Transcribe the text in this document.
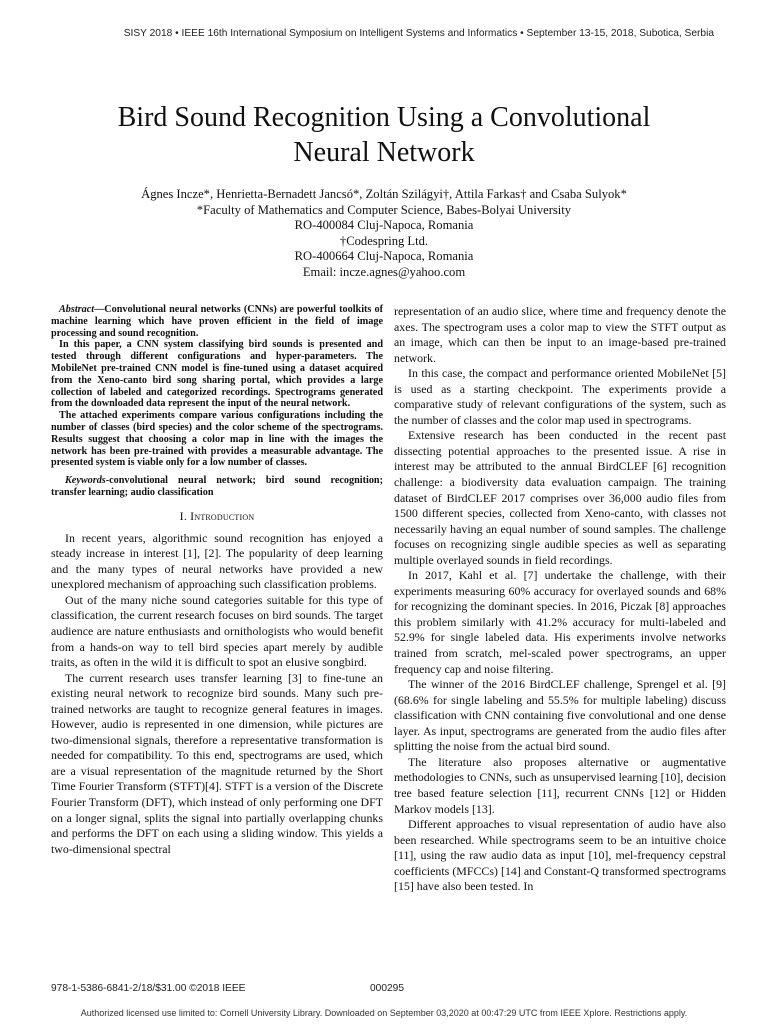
SISY 2018 • IEEE 16th International Symposium on Intelligent Systems and Informatics • September 13-15, 2018, Subotica, Serbia
Bird Sound Recognition Using a Convolutional
Neural Network

Ágnes Incze*, Henrietta-Bernadett Jancsó*, Zoltán Szilágyi†, Attila Farkas† and Csaba Sulyok*

*Faculty of Mathematics and Computer Science, Babes-Bolyai University

RO-400084 Cluj-Napoca, Romania

†Codespring Ltd.

RO-400664 Cluj-Napoca, Romania

Email: incze.agnes@yahoo.com

Abstract—Convolutional neural networks (CNNs) are powerful toolkits of machine learning which have proven efficient in the field of image processing and sound recognition.

In this paper, a CNN system classifying bird sounds is presented and tested through different configurations and hyper-parameters. The MobileNet pre-trained CNN model is fine-tuned using a dataset acquired from the Xeno-canto bird song sharing portal, which provides a large collection of labeled and categorized recordings. Spectrograms generated from the downloaded data represent the input of the neural network.

The attached experiments compare various configurations including the number of classes (bird species) and the color scheme of the spectrograms. Results suggest that choosing a color map in line with the images the network has been pre-trained with provides a measurable advantage. The presented system is viable only for a low number of classes.

Keywords-convolutional neural network; bird sound recognition; transfer learning; audio classification

I. Introduction

In recent years, algorithmic sound recognition has enjoyed a steady increase in interest [1], [2]. The popularity of deep learning and the many types of neural networks have provided a new unexplored mechanism of approaching such classification problems.

Out of the many niche sound categories suitable for this type of classification, the current research focuses on bird sounds. The target audience are nature enthusiasts and ornithologists who would benefit from a hands-on way to tell bird species apart merely by audible traits, as often in the wild it is difficult to spot an elusive songbird.

The current research uses transfer learning [3] to fine-tune an existing neural network to recognize bird sounds. Many such pre-trained networks are taught to recognize general features in images. However, audio is represented in one dimension, while pictures are two-dimensional signals, therefore a representative transformation is needed for compatibility. To this end, spectrograms are used, which are a visual representation of the magnitude returned by the Short Time Fourier Transform (STFT)[4]. STFT is a version of the Discrete Fourier Transform (DFT), which instead of only performing one DFT on a longer signal, splits the signal into partially overlapping chunks and performs the DFT on each using a sliding window. This yields a two-dimensional spectral

representation of an audio slice, where time and frequency denote the axes. The spectrogram uses a color map to view the STFT output as an image, which can then be input to an image-based pre-trained network.

In this case, the compact and performance oriented MobileNet [5] is used as a starting checkpoint. The experiments provide a comparative study of relevant configurations of the system, such as the number of classes and the color map used in spectrograms.

Extensive research has been conducted in the recent past dissecting potential approaches to the presented issue. A rise in interest may be attributed to the annual BirdCLEF [6] recognition challenge: a biodiversity data evaluation campaign. The training dataset of BirdCLEF 2017 comprises over 36,000 audio files from 1500 different species, collected from Xeno-canto, with classes not necessarily having an equal number of sound samples. The challenge focuses on recognizing single audible species as well as separating multiple overlayed sounds in field recordings.

In 2017, Kahl et al. [7] undertake the challenge, with their experiments measuring 60% accuracy for overlayed sounds and 68% for recognizing the dominant species. In 2016, Piczak [8] approaches this problem similarly with 41.2% accuracy for multi-labeled and 52.9% for single labeled data. His experiments involve networks trained from scratch, mel-scaled power spectrograms, an upper frequency cap and noise filtering.

The winner of the 2016 BirdCLEF challenge, Sprengel et al. [9] (68.6% for single labeling and 55.5% for multiple labeling) discuss classification with CNN containing five convolutional and one dense layer. As input, spectrograms are generated from the audio files after splitting the noise from the actual bird sound.

The literature also proposes alternative or augmentative methodologies to CNNs, such as unsupervised learning [10], decision tree based feature selection [11], recurrent CNNs [12] or Hidden Markov models [13].

Different approaches to visual representation of audio have also been researched. While spectrograms seem to be an intuitive choice [11], using the raw audio data as input [10], mel-frequency cepstral coefficients (MFCCs) [14] and Constant-Q transformed spectrograms [15] have also been tested. In

978-1-5386-6841-2/18/$31.00 ©2018 IEEE	000295
Authorized licensed use limited to: Cornell University Library. Downloaded on September 03,2020 at 00:47:29 UTC from IEEE Xplore. Restrictions apply.
